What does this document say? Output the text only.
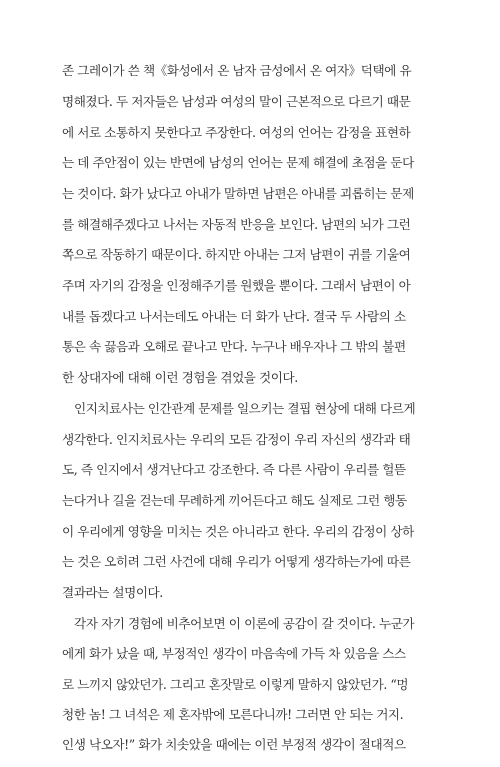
존 그레이가 쓴 책《화성에서 온 남자 금성에서 온 여자》덕택에 유
명해졌다. 두 저자들은 남성과 여성의 말이 근본적으로 다르기 때문
에 서로 소통하지 못한다고 주장한다. 여성의 언어는 감정을 표현하
는 데 주안점이 있는 반면에 남성의 언어는 문제 해결에 초점을 둔다
는 것이다. 화가 났다고 아내가 말하면 남편은 아내를 괴롭히는 문제
를 해결해주겠다고 나서는 자동적 반응을 보인다. 남편의 뇌가 그런
쪽으로 작동하기 때문이다. 하지만 아내는 그저 남편이 귀를 기울여
주며 자기의 감정을 인정해주기를 원했을 뿐이다. 그래서 남편이 아
내를 돕겠다고 나서는데도 아내는 더 화가 난다. 결국 두 사람의 소
통은 속 끓음과 오해로 끝나고 만다. 누구나 배우자나 그 밖의 불편
한 상대자에 대해 이런 경험을 겪었을 것이다.
인지치료사는 인간관계 문제를 일으키는 결핍 현상에 대해 다르게
생각한다. 인지치료사는 우리의 모든 감정이 우리 자신의 생각과 태
도, 즉 인지에서 생겨난다고 강조한다. 즉 다른 사람이 우리를 헐뜯
는다거나 길을 걷는데 무례하게 끼어든다고 해도 실제로 그런 행동
이 우리에게 영향을 미치는 것은 아니라고 한다. 우리의 감정이 상하
는 것은 오히려 그런 사건에 대해 우리가 어떻게 생각하는가에 따른
결과라는 설명이다.
각자 자기 경험에 비추어보면 이 이론에 공감이 갈 것이다. 누군가
에게 화가 났을 때, 부정적인 생각이 마음속에 가득 차 있음을 스스
로 느끼지 않았던가. 그리고 혼잣말로 이렇게 말하지 않았던가. “멍
청한 놈! 그 녀석은 제 혼자밖에 모른다니까! 그러면 안 되는 거지.
인생 낙오자!” 화가 치솟았을 때에는 이런 부정적 생각이 절대적으
